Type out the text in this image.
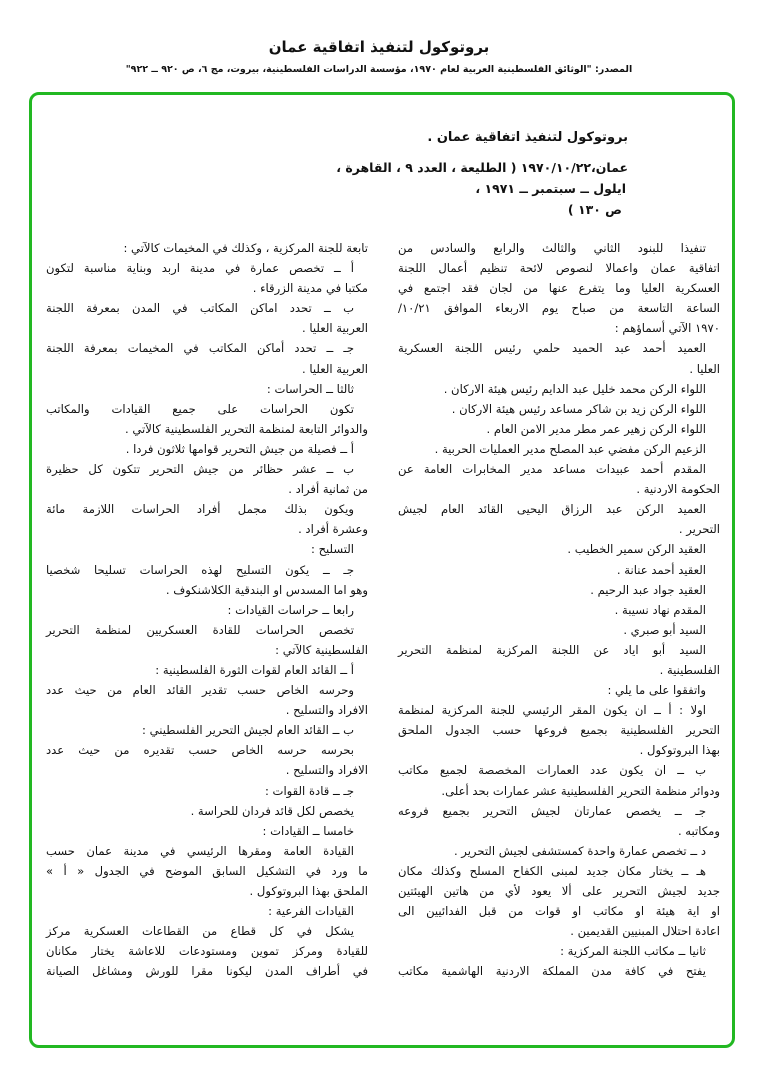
بروتوكول لتنفيذ اتفاقية عمان
المصدر: "الوثائق الفلسطينية العربية لعام ١٩٧٠، مؤسسة الدراسات الفلسطينية، بيروت، مج ٦، ص ٩٢٠ ــ ٩٢٢"
بروتوكول لتنفيذ اتفاقية عمان .
عمان،١٩٧٠/١٠/٢٢ ( الطليعة ، العدد ٩ ، القاهرة ،
ايلول ــ سبتمبر ــ ١٩٧١ ،
ص ١٣٠ )
تنفيذا للبنود الثاني والثالث والرابع والسادس من
اتفاقية عمان واعمالا لنصوص لائحة تنظيم أعمال اللجنة
العسكرية العليا وما يتفرع عنها من لجان فقد اجتمع في
الساعة التاسعة من صباح يوم الاربعاء الموافق ١٠/٢١/
١٩٧٠ الآتي أسماؤهم :
العميد أحمد عبد الحميد حلمي رئيس اللجنة العسكرية
العليا .
اللواء الركن محمد خليل عبد الدايم رئيس هيئة الاركان .
اللواء الركن زيد بن شاكر مساعد رئيس هيئة الاركان .
اللواء الركن زهير عمر مطر مدير الامن العام .
الزعيم الركن مفضي عبد المصلح مدير العمليات الحربية .
المقدم أحمد عبيدات مساعد مدير المخابرات العامة عن
الحكومة الاردنية .
العميد الركن عبد الرزاق اليحيى القائد العام لجيش
التحرير .
العقيد الركن سمير الخطيب .
العقيد أحمد عنانة .
العقيد جواد عبد الرحيم .
المقدم نهاد نسيبة .
السيد أبو صبري .
السيد أبو اياد عن اللجنة المركزية لمنظمة التحرير
الفلسطينية .
واتفقوا على ما يلي :
اولا : أ ــ ان يكون المقر الرئيسي للجنة المركزية لمنظمة
التحرير الفلسطينية بجميع فروعها حسب الجدول الملحق
بهذا البروتوكول .
ب ــ ان يكون عدد العمارات المخصصة لجميع مكاتب
ودوائر منظمة التحرير الفلسطينية عشر عمارات بحد أعلى.
جـ ــ يخصص عمارتان لجيش التحرير بجميع فروعه
ومكاتبه .
د ــ تخصص عمارة واحدة كمستشفى لجيش التحرير .
هـ ــ يختار مكان جديد لمبنى الكفاح المسلح وكذلك مكان
جديد لجيش التحرير على ألا يعود لأي من هاتين الهيئتين
او اية هيئة او مكاتب او قوات من قبل الفدائيين الى
اعادة احتلال المبنيين القديمين .
ثانيا ــ مكاتب اللجنة المركزية :
يفتح في كافة مدن المملكة الاردنية الهاشمية مكاتب
تابعة للجنة المركزية ، وكذلك في المخيمات كالآتي :
أ ــ تخصص عمارة في مدينة اربد وبناية مناسبة لتكون
مكتبا في مدينة الزرقاء .
ب ــ تحدد اماكن المكاتب في المدن بمعرفة اللجنة
العربية العليا .
جـ ــ تحدد أماكن المكاتب في المخيمات بمعرفة اللجنة
العربية العليا .
ثالثا ــ الحراسات :
تكون الحراسات على جميع القيادات والمكاتب
والدوائر التابعة لمنظمة التحرير الفلسطينية كالآتي .
أ ــ فصيلة من جيش التحرير قوامها ثلاثون فردا .
ب ــ عشر حظائر من جيش التحرير تتكون كل حظيرة
من ثمانية أفراد .
ويكون بذلك مجمل أفراد الحراسات اللازمة مائة
وعشرة أفراد .
التسليح :
جـ ــ يكون التسليح لهذه الحراسات تسليحا شخصيا
وهو اما المسدس او البندقية الكلاشنكوف .
رابعا ــ حراسات القيادات :
تخصص الحراسات للقادة العسكريين لمنظمة التحرير
الفلسطينية كالآتي :
أ ــ القائد العام لقوات الثورة الفلسطينية :
وحرسه الخاص حسب تقدير القائد العام من حيث عدد
الافراد والتسليح .
ب ــ القائد العام لجيش التحرير الفلسطيني :
بحرسه حرسه الخاص حسب تقديره من حيث عدد
الافراد والتسليح .
جـ ــ قادة القوات :
يخصص لكل قائد فردان للحراسة .
خامسا ــ القيادات :
القيادة العامة ومقرها الرئيسي في مدينة عمان حسب
ما ورد في التشكيل السابق الموضح في الجدول « أ »
الملحق بهذا البروتوكول .
القيادات الفرعية :
يشكل في كل قطاع من القطاعات العسكرية مركز
للقيادة ومركز تموين ومستودعات للاعاشة يختار مكانان
في أطراف المدن ليكونا مقرا للورش ومشاغل الصيانة
